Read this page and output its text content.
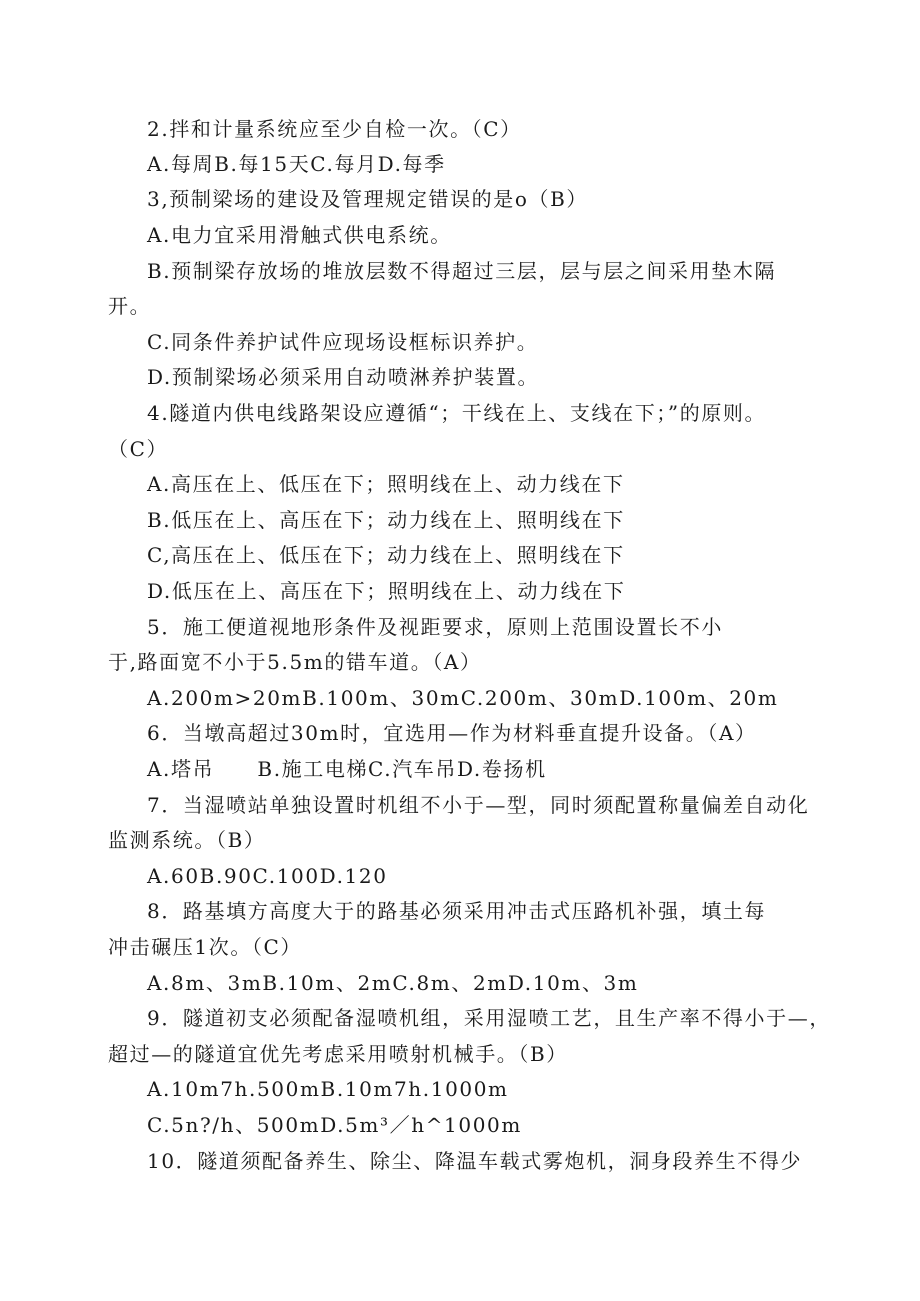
2.拌和计量系统应至少自检一次。（C）
A.每周B.每15天C.每月D.每季
3,预制梁场的建设及管理规定错误的是o（B）
A.电力宜采用滑触式供电系统。
B.预制梁存放场的堆放层数不得超过三层，层与层之间采用垫木隔
开。
C.同条件养护试件应现场设框标识养护。
D.预制梁场必须采用自动喷淋养护装置。
4.隧道内供电线路架设应遵循“；干线在上、支线在下；”的原则。
（C）
A.高压在上、低压在下；照明线在上、动力线在下
B.低压在上、高压在下；动力线在上、照明线在下
C,高压在上、低压在下；动力线在上、照明线在下
D.低压在上、高压在下；照明线在上、动力线在下
5．施工便道视地形条件及视距要求，原则上范围设置长不小
于,路面宽不小于5.5m的错车道。（A）
A.200m>20mB.100m、30mC.200m、30mD.100m、20m
6．当墩高超过30m时，宜选用—作为材料垂直提升设备。（A）
A.塔吊　　B.施工电梯C.汽车吊D.卷扬机
7．当湿喷站单独设置时机组不小于—型，同时须配置称量偏差自动化
监测系统。（B）
A.60B.90C.100D.120
8．路基填方高度大于的路基必须采用冲击式压路机补强，填土每
冲击碾压1次。（C）
A.8m、3mB.10m、2mC.8m、2mD.10m、3m
9．隧道初支必须配备湿喷机组，采用湿喷工艺，且生产率不得小于—，
超过—的隧道宜优先考虑采用喷射机械手。（B）
A.10m7h.500mB.10m7h.1000m
C.5n?/h、500mD.5m³／h^1000m
10．隧道须配备养生、除尘、降温车载式雾炮机，洞身段养生不得少
